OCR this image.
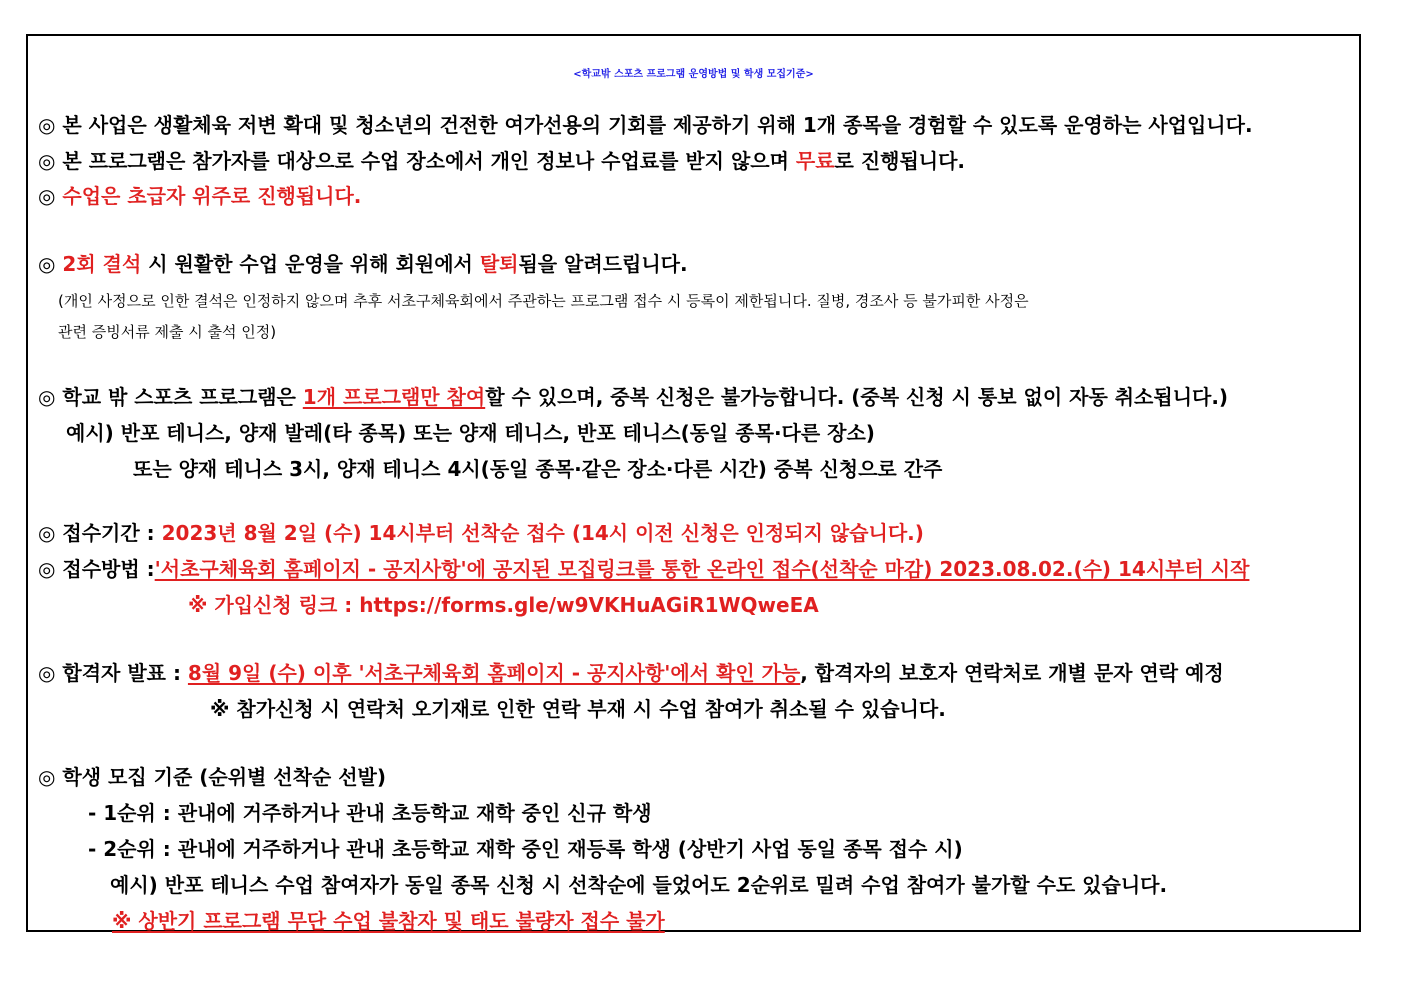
<학교밖 스포츠 프로그램 운영방법 및 학생 모집기준>
◎ 본 사업은 생활체육 저변 확대 및 청소년의 건전한 여가선용의 기회를 제공하기 위해 1개 종목을 경험할 수 있도록 운영하는 사업입니다.
◎ 본 프로그램은 참가자를 대상으로 수업 장소에서 개인 정보나 수업료를 받지 않으며 무료로 진행됩니다.
◎ 수업은 초급자 위주로 진행됩니다.
◎ 2회 결석 시 원활한 수업 운영을 위해 회원에서 탈퇴됨을 알려드립니다.
(개인 사정으로 인한 결석은 인정하지 않으며 추후 서초구체육회에서 주관하는 프로그램 접수 시 등록이 제한됩니다. 질병, 경조사 등 불가피한 사정은
관련 증빙서류 제출 시 출석 인정)
◎ 학교 밖 스포츠 프로그램은 1개 프로그램만 참여할 수 있으며, 중복 신청은 불가능합니다. (중복 신청 시 통보 없이 자동 취소됩니다.)
예시) 반포 테니스, 양재 발레(타 종목) 또는 양재 테니스, 반포 테니스(동일 종목·다른 장소)
또는 양재 테니스 3시, 양재 테니스 4시(동일 종목·같은 장소·다른 시간) 중복 신청으로 간주
◎ 접수기간 : 2023년 8월 2일 (수) 14시부터 선착순 접수 (14시 이전 신청은 인정되지 않습니다.)
◎ 접수방법 :'서초구체육회 홈페이지 - 공지사항'에 공지된 모집링크를 통한 온라인 접수(선착순 마감) 2023.08.02.(수) 14시부터 시작
※ 가입신청 링크 : https://forms.gle/w9VKHuAGiR1WQweEA
◎ 합격자 발표 : 8월 9일 (수) 이후 '서초구체육회 홈페이지 - 공지사항'에서 확인 가능, 합격자의 보호자 연락처로 개별 문자 연락 예정
※ 참가신청 시 연락처 오기재로 인한 연락 부재 시 수업 참여가 취소될 수 있습니다.
◎ 학생 모집 기준 (순위별 선착순 선발)
- 1순위 : 관내에 거주하거나 관내 초등학교 재학 중인 신규 학생
- 2순위 : 관내에 거주하거나 관내 초등학교 재학 중인 재등록 학생 (상반기 사업 동일 종목 접수 시)
예시) 반포 테니스 수업 참여자가 동일 종목 신청 시 선착순에 들었어도 2순위로 밀려 수업 참여가 불가할 수도 있습니다.
※ 상반기 프로그램 무단 수업 불참자 및 태도 불량자 접수 불가
